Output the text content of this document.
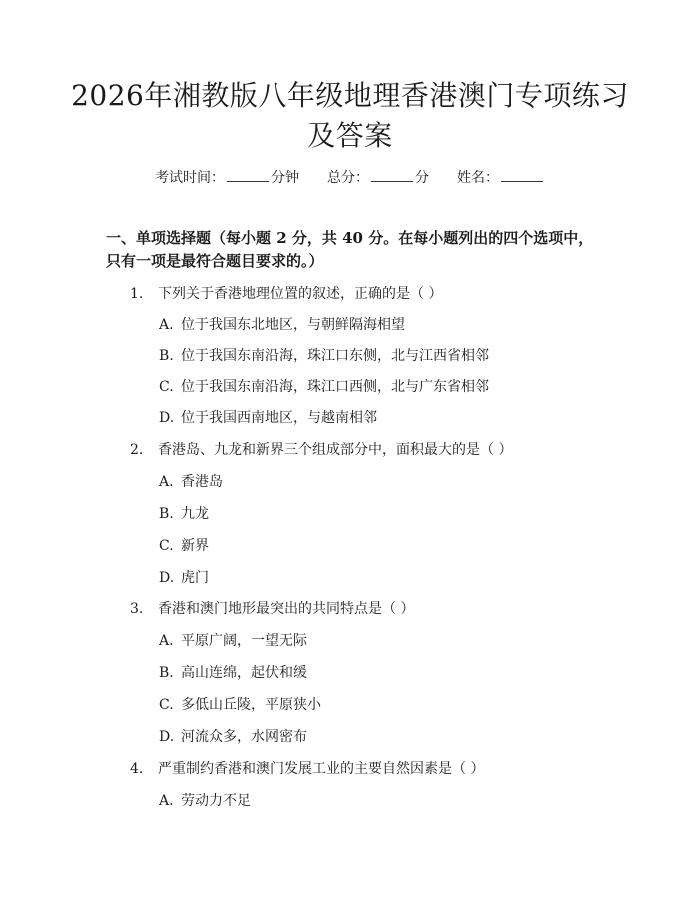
2026年湘教版八年级地理香港澳门专项练习及答案
考试时间：	分钟 总分：	分 姓名：

一、单项选择题（每小题 2 分，共 40 分。在每小题列出的四个选项中，只有一项是最符合题目要求的。）

1. 下列关于香港地理位置的叙述，正确的是（ ）
A. 位于我国东北地区，与朝鲜隔海相望
B. 位于我国东南沿海，珠江口东侧，北与江西省相邻
C. 位于我国东南沿海，珠江口西侧，北与广东省相邻
D. 位于我国西南地区，与越南相邻
2. 香港岛、九龙和新界三个组成部分中，面积最大的是（ ）
A. 香港岛
B. 九龙
C. 新界
D. 虎门
3. 香港和澳门地形最突出的共同特点是（ ）
A. 平原广阔，一望无际
B. 高山连绵，起伏和缓
C. 多低山丘陵，平原狭小
D. 河流众多，水网密布
4. 严重制约香港和澳门发展工业的主要自然因素是（ ）
A. 劳动力不足
